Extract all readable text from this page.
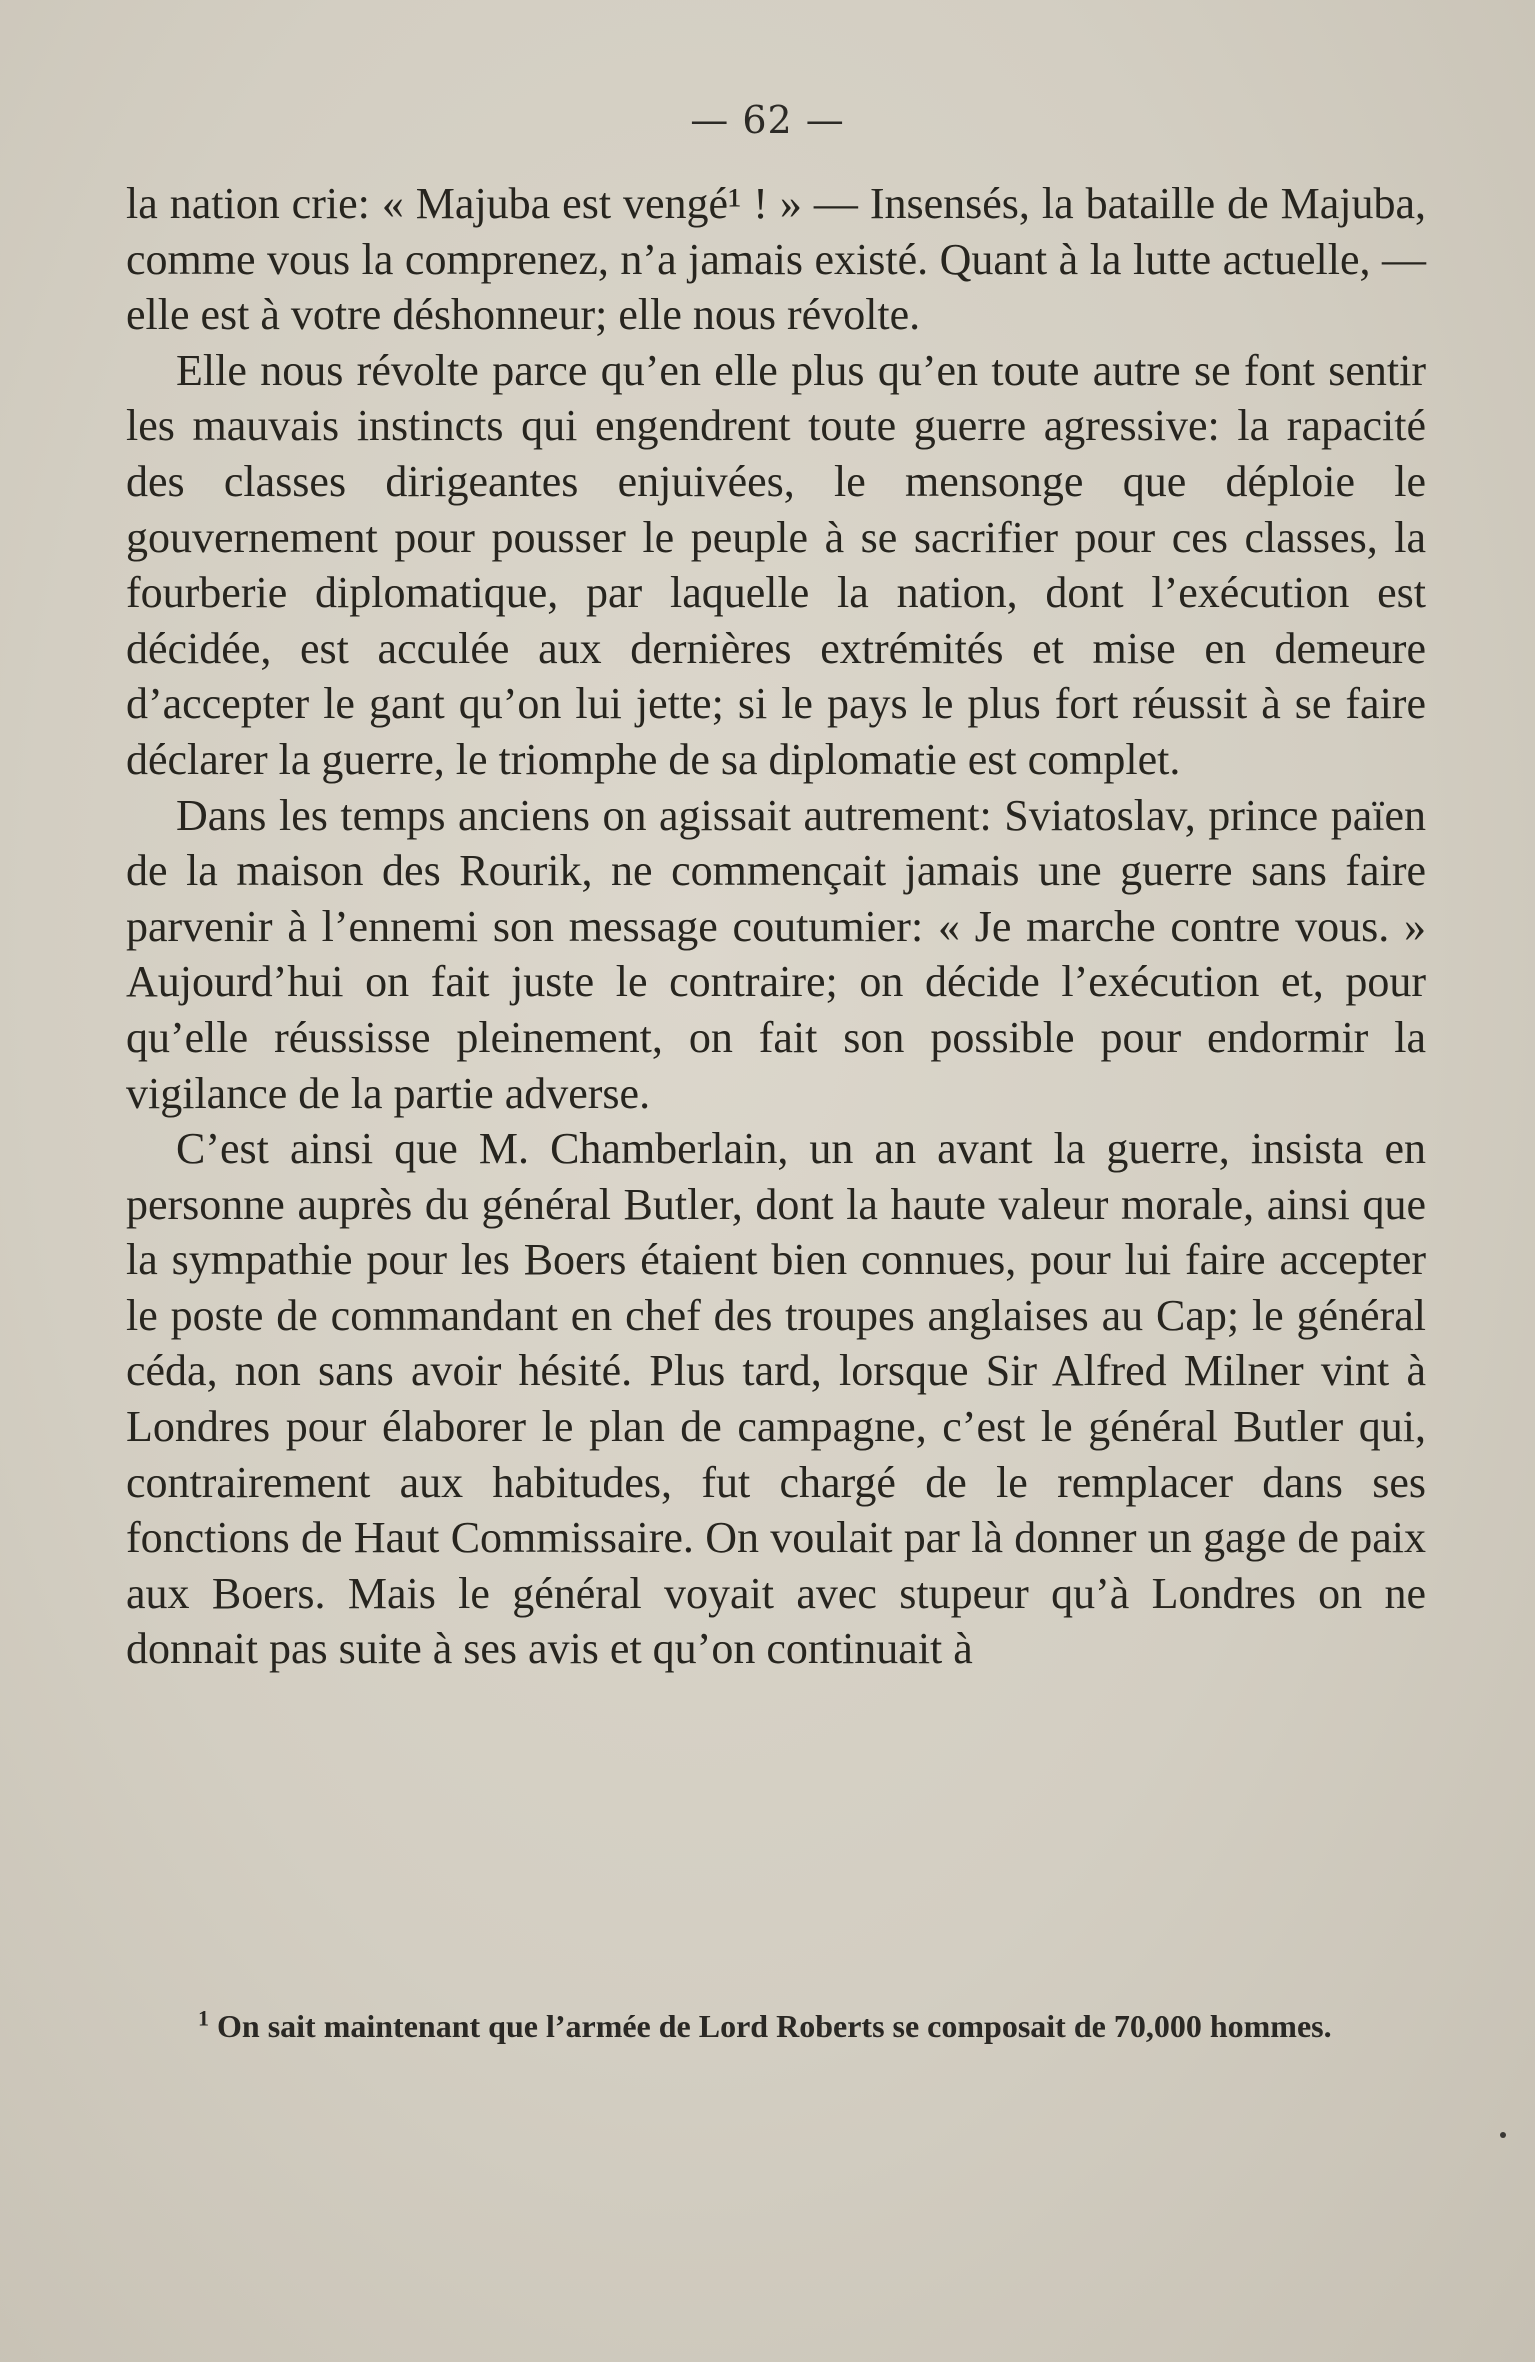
— 62 —

la nation crie: « Majuba est vengé¹ ! » — Insensés, la bataille de Majuba, comme vous la comprenez, n’a jamais existé. Quant à la lutte actuelle, — elle est à votre déshonneur; elle nous révolte.

Elle nous révolte parce qu’en elle plus qu’en toute autre se font sentir les mauvais instincts qui engendrent toute guerre agressive: la rapacité des classes dirigeantes enjuivées, le mensonge que déploie le gouvernement pour pousser le peuple à se sacrifier pour ces classes, la fourberie diplomatique, par laquelle la nation, dont l’exécution est décidée, est acculée aux dernières extrémités et mise en demeure d’accepter le gant qu’on lui jette; si le pays le plus fort réussit à se faire déclarer la guerre, le triomphe de sa diplomatie est complet.

Dans les temps anciens on agissait autrement: Sviatoslav, prince païen de la maison des Rourik, ne commençait jamais une guerre sans faire parvenir à l’ennemi son message coutumier: « Je marche contre vous. » Aujourd’hui on fait juste le contraire; on décide l’exécution et, pour qu’elle réussisse pleinement, on fait son possible pour endormir la vigilance de la partie adverse.

C’est ainsi que M. Chamberlain, un an avant la guerre, insista en personne auprès du général Butler, dont la haute valeur morale, ainsi que la sympathie pour les Boers étaient bien connues, pour lui faire accepter le poste de commandant en chef des troupes anglaises au Cap; le général céda, non sans avoir hésité. Plus tard, lorsque Sir Alfred Milner vint à Londres pour élaborer le plan de campagne, c’est le général Butler qui, contrairement aux habitudes, fut chargé de le remplacer dans ses fonctions de Haut Commissaire. On voulait par là donner un gage de paix aux Boers. Mais le général voyait avec stupeur qu’à Londres on ne donnait pas suite à ses avis et qu’on continuait à

$^1$ On sait maintenant que l’armée de Lord Roberts se composait de 70,000 hommes.
